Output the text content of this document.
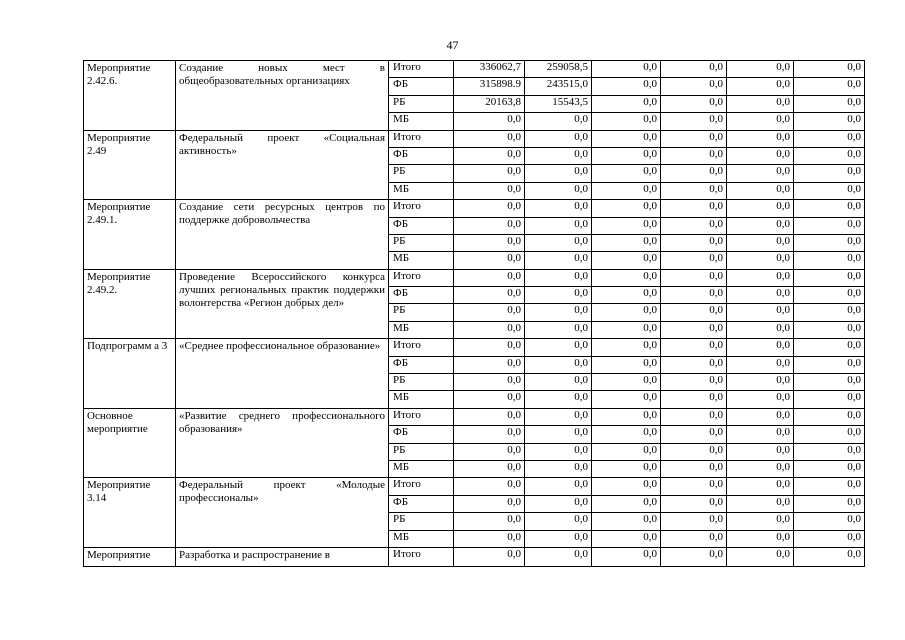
47
Мероприятие 2.42.6.	Создание новых мест в общеобразовательных организациях	Итого	336062,7	259058,5	0,0	0,0	0,0	0,0
		ФБ	315898.9	243515,0	0,0	0,0	0,0	0,0
		РБ	20163,8	15543,5	0,0	0,0	0,0	0,0
		МБ	0,0	0,0	0,0	0,0	0,0	0,0
Мероприятие 2.49	Федеральный проект «Социальная активность»	Итого	0,0	0,0	0,0	0,0	0,0	0,0
		ФБ	0,0	0,0	0,0	0,0	0,0	0,0
		РБ	0,0	0,0	0,0	0,0	0,0	0,0
		МБ	0,0	0,0	0,0	0,0	0,0	0,0
Мероприятие 2.49.1.	Создание сети ресурсных центров по поддержке добровольчества	Итого	0,0	0,0	0,0	0,0	0,0	0,0
		ФБ	0,0	0,0	0,0	0,0	0,0	0,0
		РБ	0,0	0,0	0,0	0,0	0,0	0,0
		МБ	0,0	0,0	0,0	0,0	0,0	0,0
Мероприятие 2.49.2.	Проведение Всероссийского конкурса лучших региональных практик поддержки волонтерства «Регион добрых дел»	Итого	0,0	0,0	0,0	0,0	0,0	0,0
		ФБ	0,0	0,0	0,0	0,0	0,0	0,0
		РБ	0,0	0,0	0,0	0,0	0,0	0,0
		МБ	0,0	0,0	0,0	0,0	0,0	0,0
Подпрограмм а 3	«Среднее профессиональное образование»	Итого	0,0	0,0	0,0	0,0	0,0	0,0
		ФБ	0,0	0,0	0,0	0,0	0,0	0,0
		РБ	0,0	0,0	0,0	0,0	0,0	0,0
		МБ	0,0	0,0	0,0	0,0	0,0	0,0
Основное мероприятие	«Развитие среднего профессионального образования»	Итого	0,0	0,0	0,0	0,0	0,0	0,0
		ФБ	0,0	0,0	0,0	0,0	0,0	0,0
		РБ	0,0	0,0	0,0	0,0	0,0	0,0
		МБ	0,0	0,0	0,0	0,0	0,0	0,0
Мероприятие 3.14	Федеральный проект «Молодые профессионалы»	Итого	0,0	0,0	0,0	0,0	0,0	0,0
		ФБ	0,0	0,0	0,0	0,0	0,0	0,0
		РБ	0,0	0,0	0,0	0,0	0,0	0,0
		МБ	0,0	0,0	0,0	0,0	0,0	0,0
Мероприятие	Разработка и распространение в	Итого	0,0	0,0	0,0	0,0	0,0	0,0
